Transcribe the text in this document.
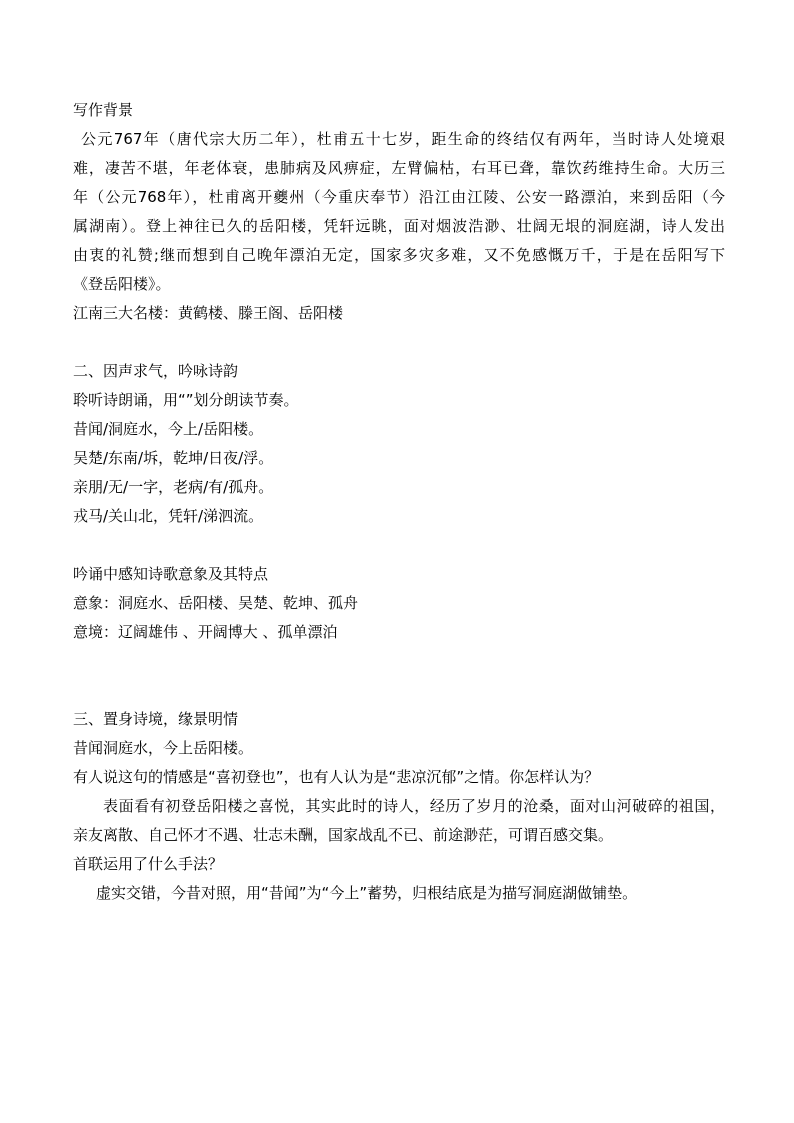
写作背景
公元767年（唐代宗大历二年），杜甫五十七岁，距生命的终结仅有两年，当时诗人处境艰
难，凄苦不堪，年老体衰，患肺病及风痹症，左臂偏枯，右耳已聋，靠饮药维持生命。大历三
年（公元768年），杜甫离开夔州（今重庆奉节）沿江由江陵、公安一路漂泊，来到岳阳（今
属湖南）。登上神往已久的岳阳楼，凭轩远眺，面对烟波浩渺、壮阔无垠的洞庭湖，诗人发出
由衷的礼赞;继而想到自己晚年漂泊无定，国家多灾多难，又不免感慨万千，于是在岳阳写下
《登岳阳楼》。
江南三大名楼：黄鹤楼、滕王阁、岳阳楼
二、因声求气，吟咏诗韵
聆听诗朗诵，用“”划分朗读节奏。
昔闻/洞庭水，今上/岳阳楼。
吴楚/东南/坼，乾坤/日夜/浮。
亲朋/无/一字，老病/有/孤舟。
戎马/关山北，凭轩/涕泗流。
吟诵中感知诗歌意象及其特点
意象：洞庭水、岳阳楼、吴楚、乾坤、孤舟
意境：辽阔雄伟 、开阔博大 、孤单漂泊
三、置身诗境，缘景明情
昔闻洞庭水，今上岳阳楼。
有人说这句的情感是“喜初登也”，也有人认为是“悲凉沉郁”之情。你怎样认为？
表面看有初登岳阳楼之喜悦，其实此时的诗人，经历了岁月的沧桑，面对山河破碎的祖国，
亲友离散、自己怀才不遇、壮志未酬，国家战乱不已、前途渺茫，可谓百感交集。
首联运用了什么手法？
虚实交错，今昔对照，用“昔闻”为“今上”蓄势，归根结底是为描写洞庭湖做铺垫。
